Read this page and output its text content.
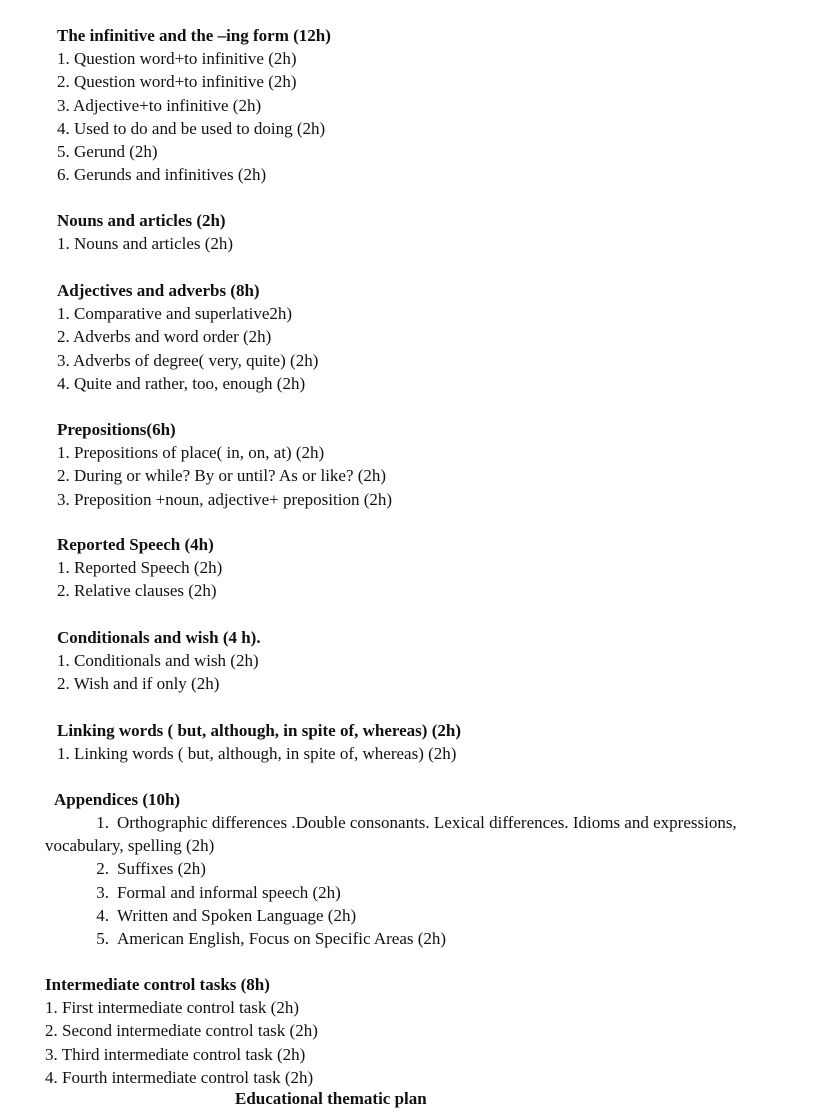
The infinitive and the –ing form (12h)
1. Question word+to infinitive (2h)
2. Question word+to infinitive (2h)
3. Adjective+to infinitive (2h)
4. Used to do and be used to doing (2h)
5. Gerund (2h)
6. Gerunds and infinitives (2h)
Nouns and articles (2h)
1. Nouns and articles (2h)
Adjectives and adverbs (8h)
1. Comparative and superlative2h)
2. Adverbs and word order (2h)
3. Adverbs of degree( very, quite) (2h)
4. Quite and rather, too, enough (2h)
Prepositions(6h)
1. Prepositions of place( in, on, at) (2h)
2. During or while? By or until? As or like? (2h)
3. Preposition +noun, adjective+ preposition (2h)
Reported Speech (4h)
1. Reported Speech (2h)
2. Relative clauses (2h)
Conditionals and wish (4 h).
1. Conditionals and wish (2h)
2. Wish and if only (2h)
Linking words ( but, although, in spite of, whereas) (2h)
1. Linking words ( but, although, in spite of, whereas) (2h)
Appendices (10h)
1. Orthographic differences .Double consonants. Lexical differences. Idioms and expressions,
vocabulary, spelling (2h)
2. Suffixes (2h)
3. Formal and informal speech (2h)
4. Written and Spoken Language (2h)
5. American English, Focus on Specific Areas (2h)
Intermediate control tasks (8h)
1. First intermediate control task (2h)
2. Second intermediate control task (2h)
3. Third intermediate control task (2h)
4. Fourth intermediate control task (2h)
Educational thematic plan
